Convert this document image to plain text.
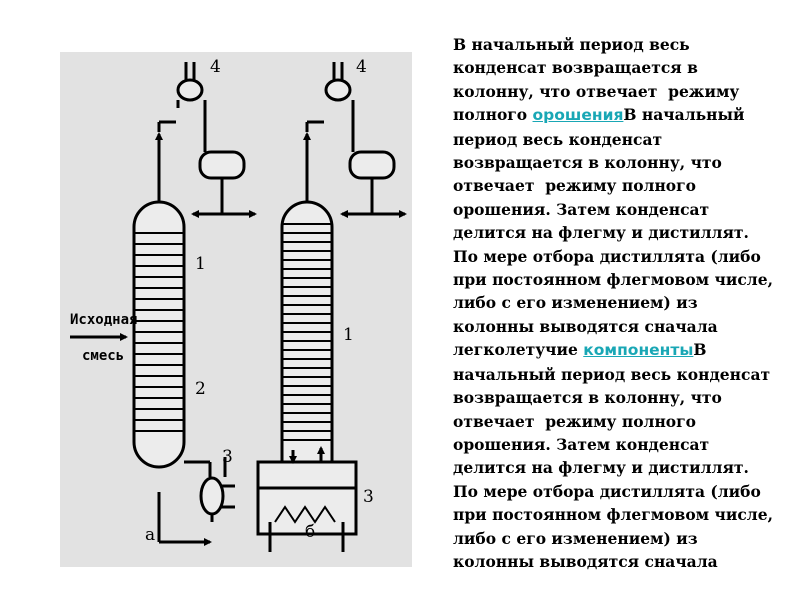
4
1
2
3
а
Исходная
смесь
4
1
3
б
В начальный период весь конденсат возвращается в колонну, что отвечает  режиму полного орошенияВ начальный период весь конденсат возвращается в колонну, что отвечает  режиму полного орошения. Затем конденсат делится на флегму и дистиллят. По мере отбора дистиллята (либо при постоянном флегмовом числе, либо с его изменением) из колонны выводятся сначала легколетучие компонентыВ начальный период весь конденсат возвращается в колонну, что отвечает  режиму полного орошения. Затем конденсат делится на флегму и дистиллят. По мере отбора дистиллята (либо при постоянном флегмовом числе, либо с его изменением) из колонны выводятся сначала
